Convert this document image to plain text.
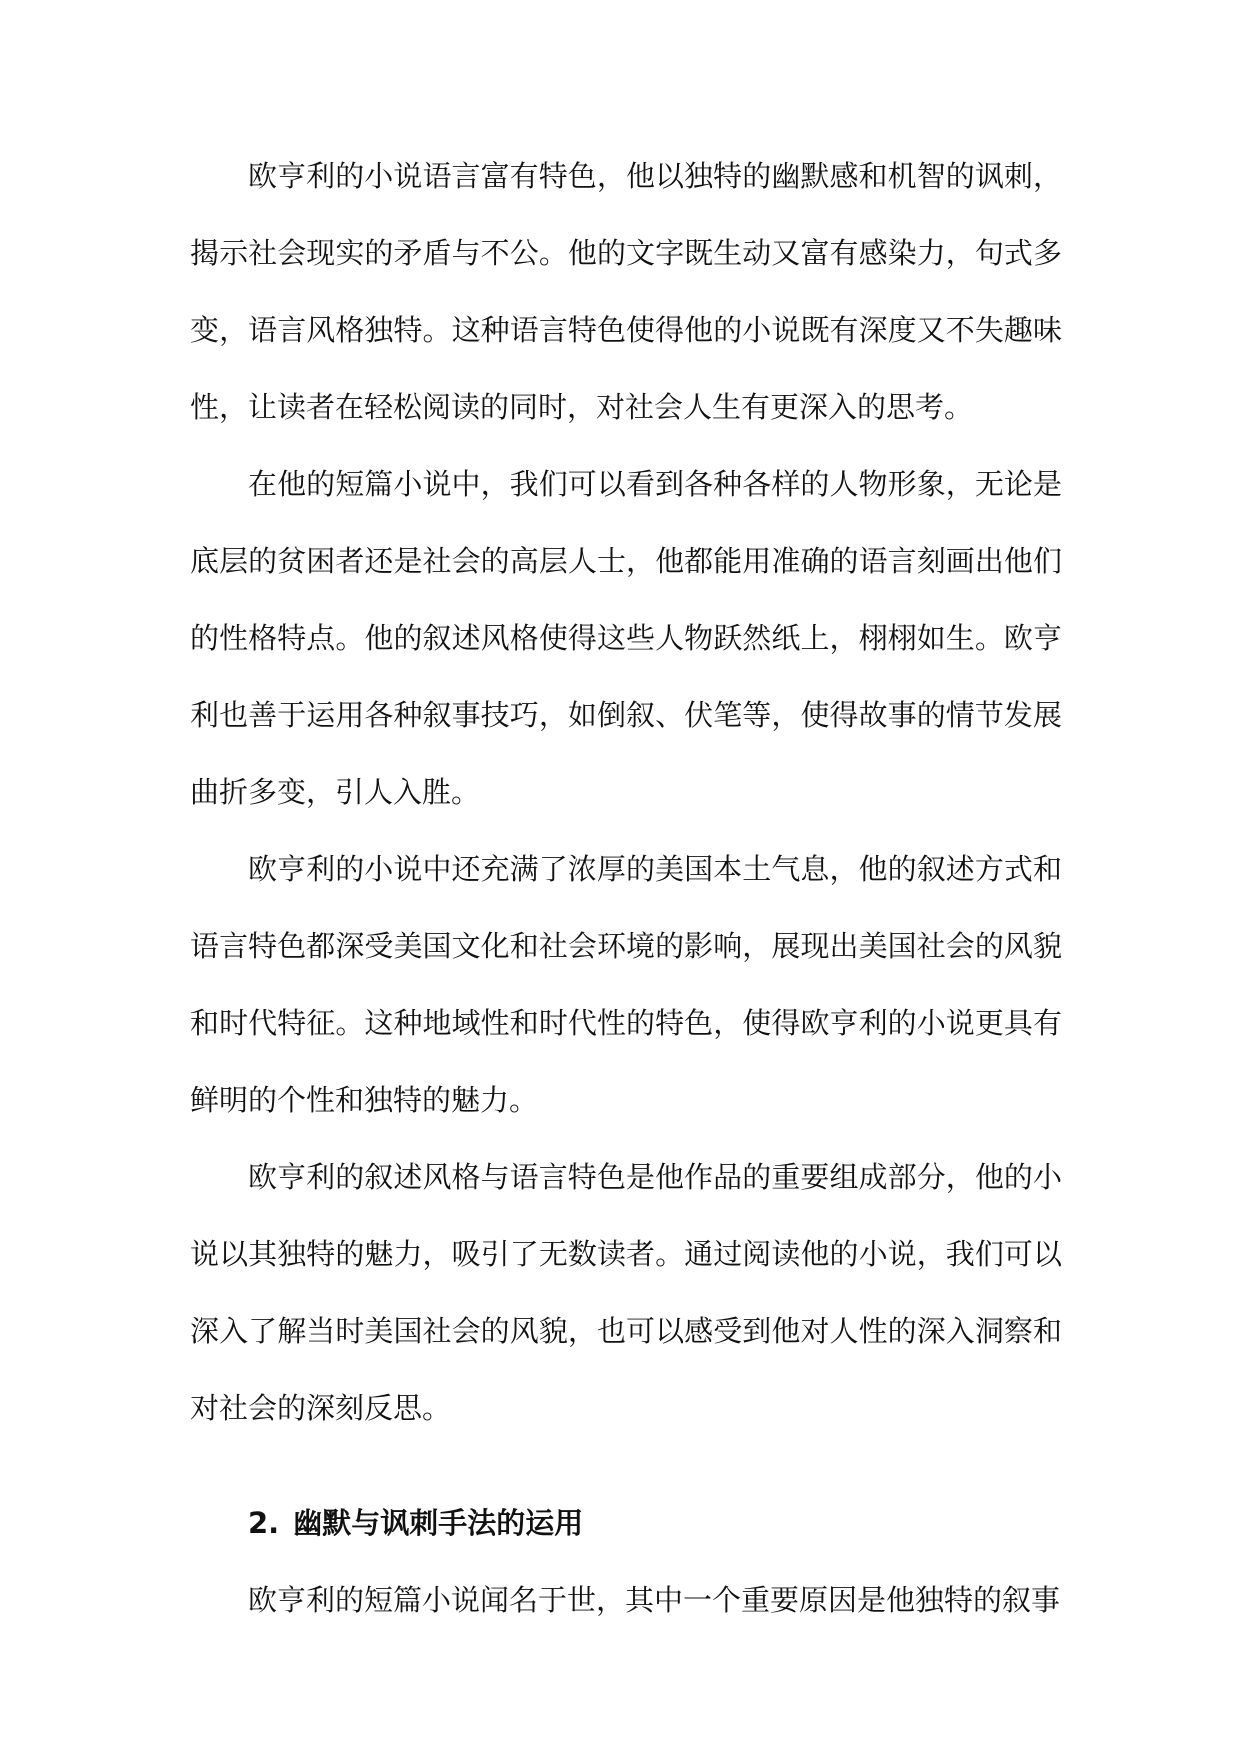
欧亨利的小说语言富有特色，他以独特的幽默感和机智的讽刺，揭示社会现实的矛盾与不公。他的文字既生动又富有感染力，句式多变，语言风格独特。这种语言特色使得他的小说既有深度又不失趣味性，让读者在轻松阅读的同时，对社会人生有更深入的思考。

在他的短篇小说中，我们可以看到各种各样的人物形象，无论是底层的贫困者还是社会的高层人士，他都能用准确的语言刻画出他们的性格特点。他的叙述风格使得这些人物跃然纸上，栩栩如生。欧亨利也善于运用各种叙事技巧，如倒叙、伏笔等，使得故事的情节发展曲折多变，引人入胜。

欧亨利的小说中还充满了浓厚的美国本土气息，他的叙述方式和语言特色都深受美国文化和社会环境的影响，展现出美国社会的风貌和时代特征。这种地域性和时代性的特色，使得欧亨利的小说更具有鲜明的个性和独特的魅力。

欧亨利的叙述风格与语言特色是他作品的重要组成部分，他的小说以其独特的魅力，吸引了无数读者。通过阅读他的小说，我们可以深入了解当时美国社会的风貌，也可以感受到他对人性的深入洞察和对社会的深刻反思。

2. 幽默与讽刺手法的运用

欧亨利的短篇小说闻名于世，其中一个重要原因是他独特的叙事
